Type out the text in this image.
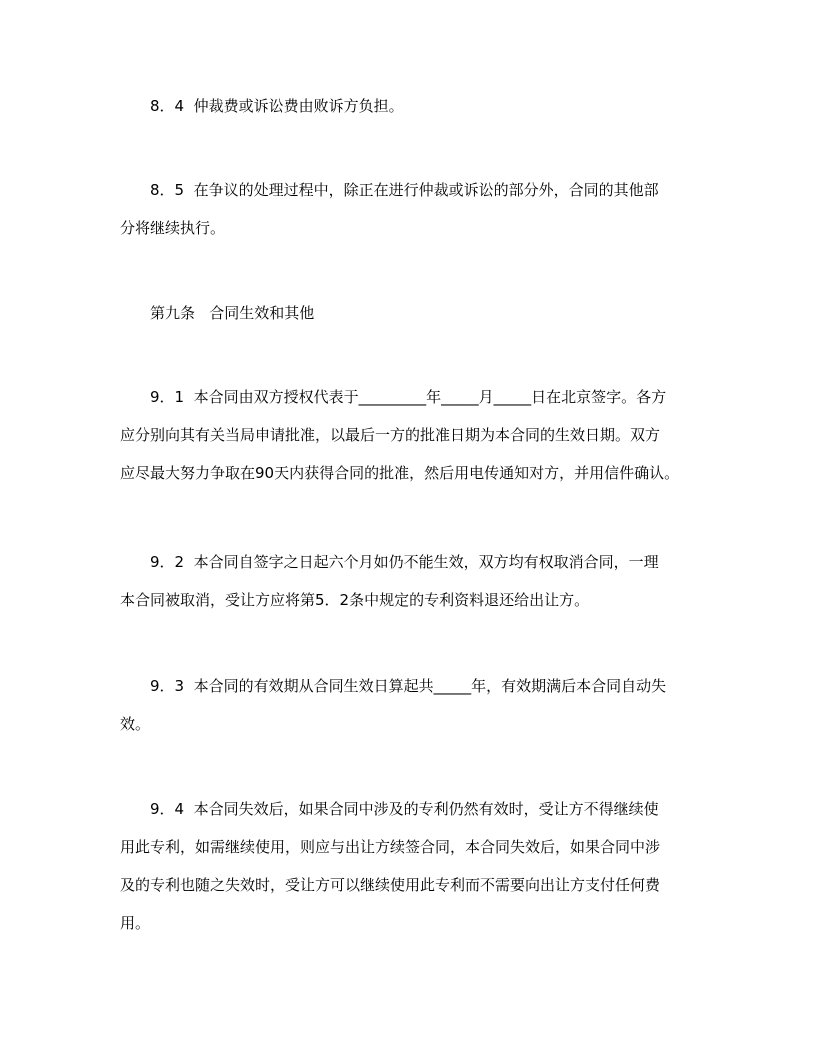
8．4  仲裁费或诉讼费由败诉方负担。
8．5  在争议的处理过程中，除正在进行仲裁或诉讼的部分外，合同的其他部
分将继续执行。
第九条   合同生效和其他
9．1  本合同由双方授权代表于_________年_____月_____日在北京签字。各方
应分别向其有关当局申请批准，以最后一方的批准日期为本合同的生效日期。双方
应尽最大努力争取在90天内获得合同的批准，然后用电传通知对方，并用信件确认。
9．2  本合同自签字之日起六个月如仍不能生效，双方均有权取消合同，一理
本合同被取消，受让方应将第5．2条中规定的专利资料退还给出让方。
9．3  本合同的有效期从合同生效日算起共_____年，有效期满后本合同自动失
效。
9．4  本合同失效后，如果合同中涉及的专利仍然有效时，受让方不得继续使
用此专利，如需继续使用，则应与出让方续签合同，本合同失效后，如果合同中涉
及的专利也随之失效时，受让方可以继续使用此专利而不需要向出让方支付任何费
用。
